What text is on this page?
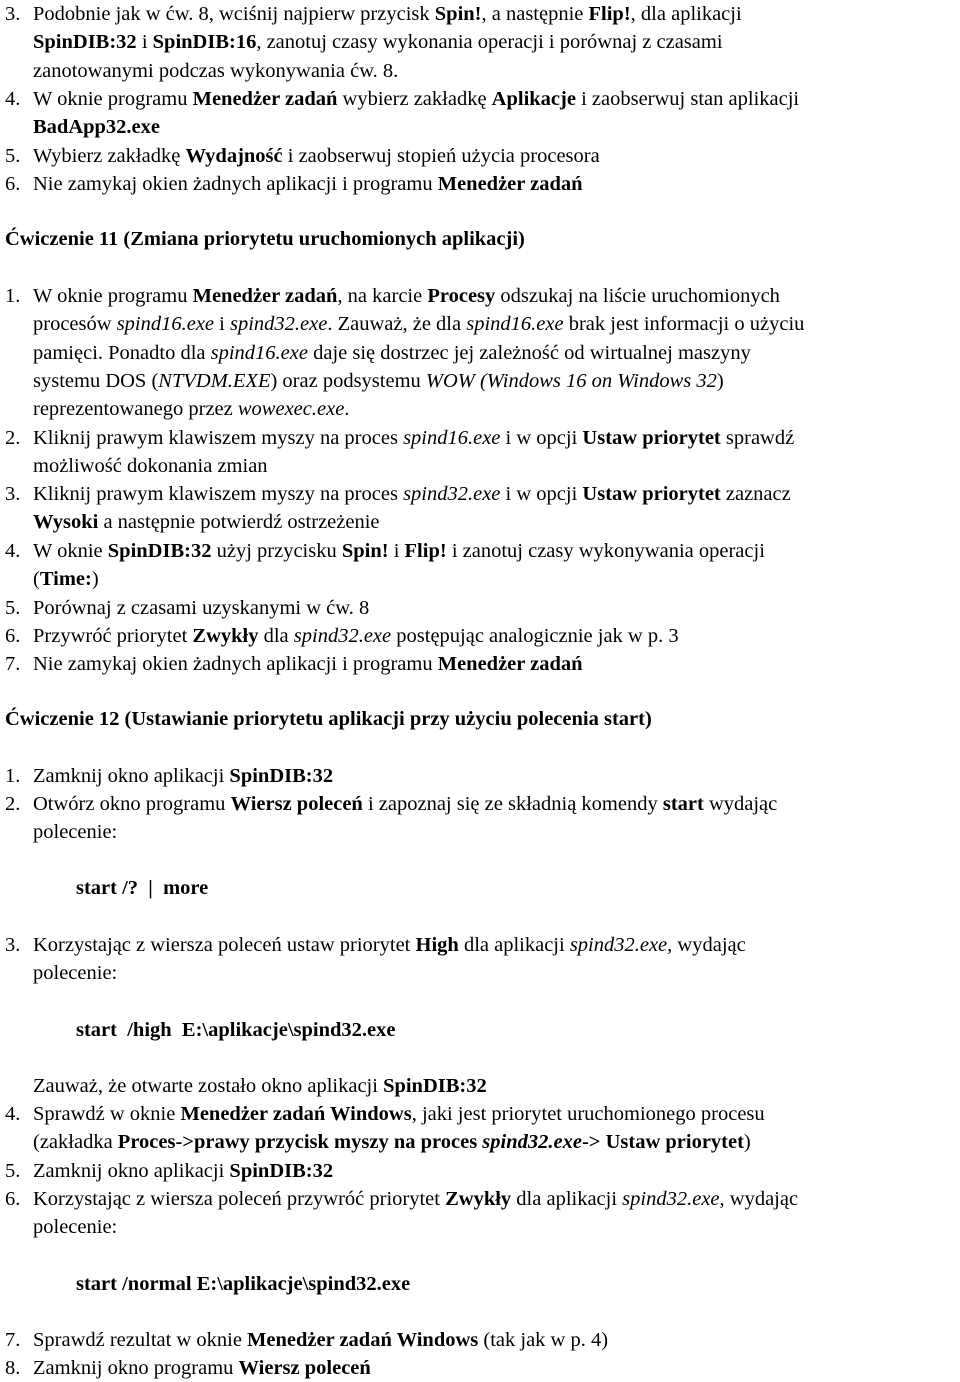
3. Podobnie jak w ćw. 8, wciśnij najpierw przycisk Spin!, a następnie Flip!, dla aplikacji
SpinDIB:32 i SpinDIB:16, zanotuj czasy wykonania operacji i porównaj z czasami
zanotowanymi podczas wykonywania ćw. 8.
4. W oknie programu Menedżer zadań wybierz zakładkę Aplikacje i zaobserwuj stan aplikacji
BadApp32.exe
5. Wybierz zakładkę Wydajność i zaobserwuj stopień użycia procesora
6. Nie zamykaj okien żadnych aplikacji i programu Menedżer zadań
Ćwiczenie 11 (Zmiana priorytetu uruchomionych aplikacji)
1. W oknie programu Menedżer zadań, na karcie Procesy odszukaj na liście uruchomionych
procesów spind16.exe i spind32.exe. Zauważ, że dla spind16.exe brak jest informacji o użyciu
pamięci. Ponadto dla spind16.exe daje się dostrzec jej zależność od wirtualnej maszyny
systemu DOS (NTVDM.EXE) oraz podsystemu WOW (Windows 16 on Windows 32)
reprezentowanego przez wowexec.exe.
2. Kliknij prawym klawiszem myszy na proces spind16.exe i w opcji Ustaw priorytet sprawdź
możliwość dokonania zmian
3. Kliknij prawym klawiszem myszy na proces spind32.exe i w opcji Ustaw priorytet zaznacz
Wysoki a następnie potwierdź ostrzeżenie
4. W oknie SpinDIB:32 użyj przycisku Spin! i Flip! i zanotuj czasy wykonywania operacji
(Time:)
5. Porównaj z czasami uzyskanymi w ćw. 8
6. Przywróć priorytet Zwykły dla spind32.exe postępując analogicznie jak w p. 3
7. Nie zamykaj okien żadnych aplikacji i programu Menedżer zadań
Ćwiczenie 12 (Ustawianie priorytetu aplikacji przy użyciu polecenia start)
1. Zamknij okno aplikacji SpinDIB:32
2. Otwórz okno programu Wiersz poleceń i zapoznaj się ze składnią komendy start wydając
polecenie:
start /?  |  more
3. Korzystając z wiersza poleceń ustaw priorytet High dla aplikacji spind32.exe, wydając
polecenie:
start  /high  E:\aplikacje\spind32.exe
Zauważ, że otwarte zostało okno aplikacji SpinDIB:32
4. Sprawdź w oknie Menedżer zadań Windows, jaki jest priorytet uruchomionego procesu
(zakładka Proces->prawy przycisk myszy na proces spind32.exe-> Ustaw priorytet)
5. Zamknij okno aplikacji SpinDIB:32
6. Korzystając z wiersza poleceń przywróć priorytet Zwykły dla aplikacji spind32.exe, wydając
polecenie:
start /normal E:\aplikacje\spind32.exe
7. Sprawdź rezultat w oknie Menedżer zadań Windows (tak jak w p. 4)
8. Zamknij okno programu Wiersz poleceń
